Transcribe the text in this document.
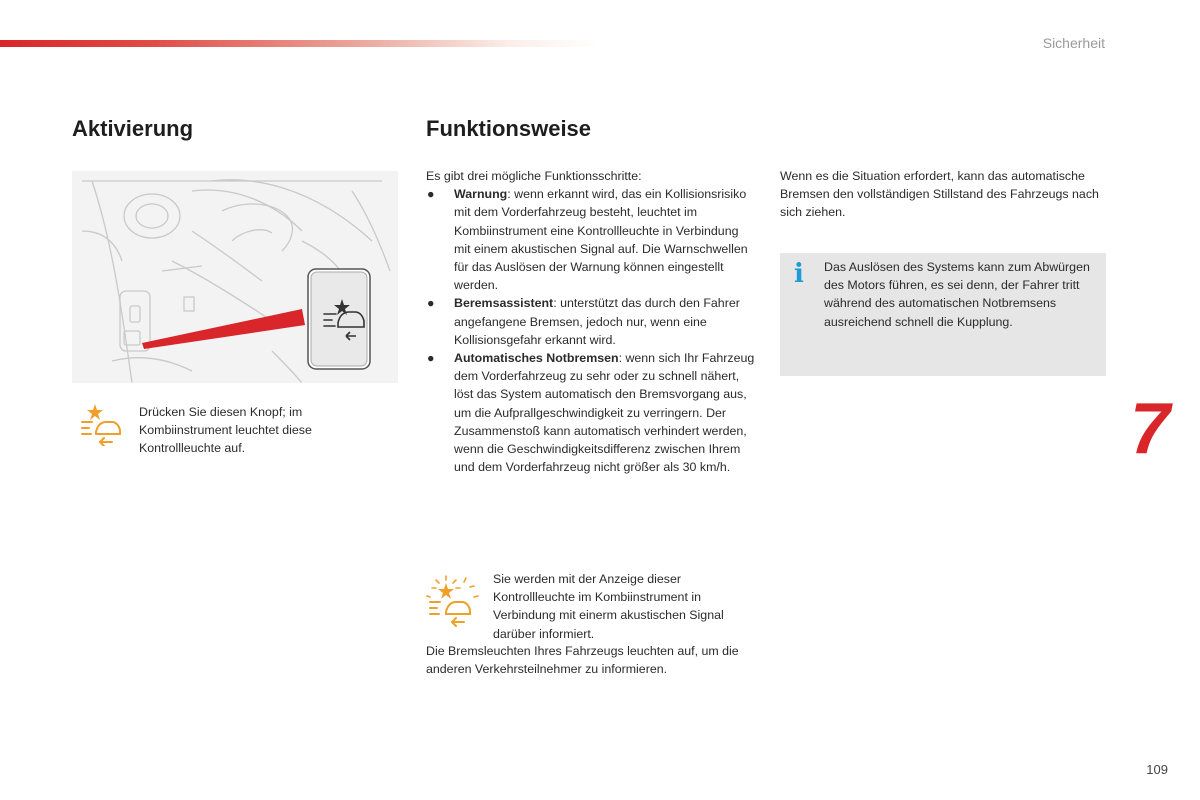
Sicherheit
Aktivierung
Drücken Sie diesen Knopf; im Kombiinstrument leuchtet diese Kontrollleuchte auf.
Funktionsweise

Es gibt drei mögliche Funktionsschritte:

● Warnung: wenn erkannt wird, das ein Kollisionsrisiko mit dem Vorderfahrzeug besteht, leuchtet im Kombiinstrument eine Kontrollleuchte in Verbindung mit einem akustischen Signal auf. Die Warnschwellen für das Auslösen der Warnung können eingestellt werden.
● Beremsassistent: unterstützt das durch den Fahrer angefangene Bremsen, jedoch nur, wenn eine Kollisionsgefahr erkannt wird.
● Automatisches Notbremsen: wenn sich Ihr Fahrzeug dem Vorderfahrzeug zu sehr oder zu schnell nähert, löst das System automatisch den Bremsvorgang aus, um die Aufprallgeschwindigkeit zu verringern. Der Zusammenstoß kann automatisch verhindert werden, wenn die Geschwindigkeitsdifferenz zwischen Ihrem und dem Vorderfahrzeug nicht größer als 30 km/h.
Sie werden mit der Anzeige dieser Kontrollleuchte im Kombiinstrument in Verbindung mit einerm akustischen Signal darüber informiert.
Die Bremsleuchten Ihres Fahrzeugs leuchten auf, um die anderen Verkehrsteilnehmer zu informieren.
Wenn es die Situation erfordert, kann das automatische Bremsen den vollständigen Stillstand des Fahrzeugs nach sich ziehen.
i Das Auslösen des Systems kann zum Abwürgen des Motors führen, es sei denn, der Fahrer tritt während des automatischen Notbremsens ausreichend schnell die Kupplung.
7
109
